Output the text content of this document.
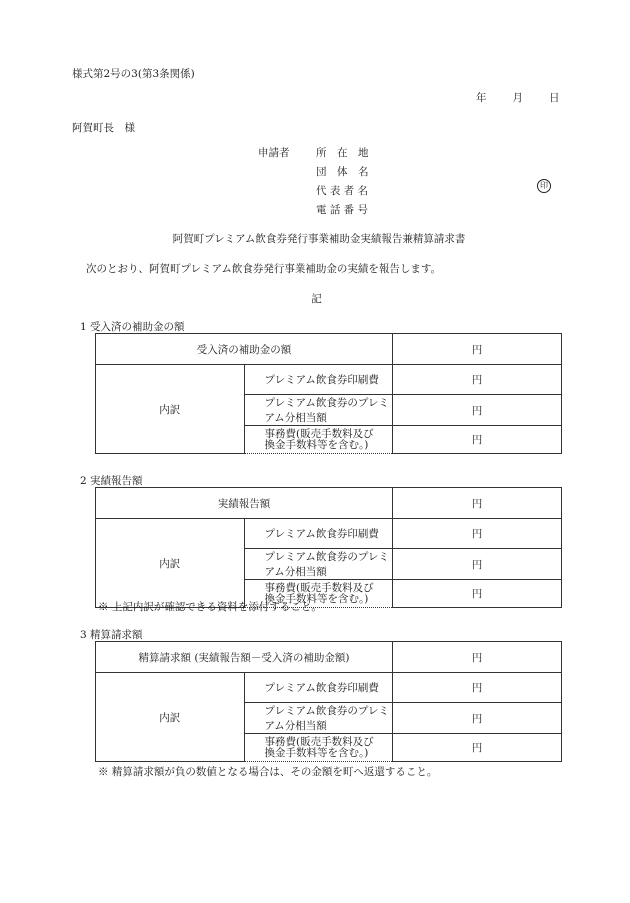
様式第2号の3(第3条関係)
年 月 日
阿賀町長　様
申請者	所　在　地
団　体　名
代 表 者 名
電 話 番 号
印
阿賀町プレミアム飲食券発行事業補助金実績報告兼精算請求書
次のとおり、阿賀町プレミアム飲食券発行事業補助金の実績を報告します。
記
1 受入済の補助金の額
受入済の補助金の額		円
内訳	プレミアム飲食券印刷費	円
	プレミアム飲食券のプレミアム分相当額	円
	事務費(販売手数料及び換金手数料等を含む。)	円
2 実績報告額
実績報告額		円
内訳	プレミアム飲食券印刷費	円
	プレミアム飲食券のプレミアム分相当額	円
	事務費(販売手数料及び換金手数料等を含む。)	円
※ 上記内訳が確認できる資料を添付すること。
3 精算請求額
精算請求額 (実績報告額－受入済の補助金額)		円
内訳	プレミアム飲食券印刷費	円
	プレミアム飲食券のプレミアム分相当額	円
	事務費(販売手数料及び換金手数料等を含む。)	円
※ 精算請求額が負の数値となる場合は、その金額を町へ返還すること。
